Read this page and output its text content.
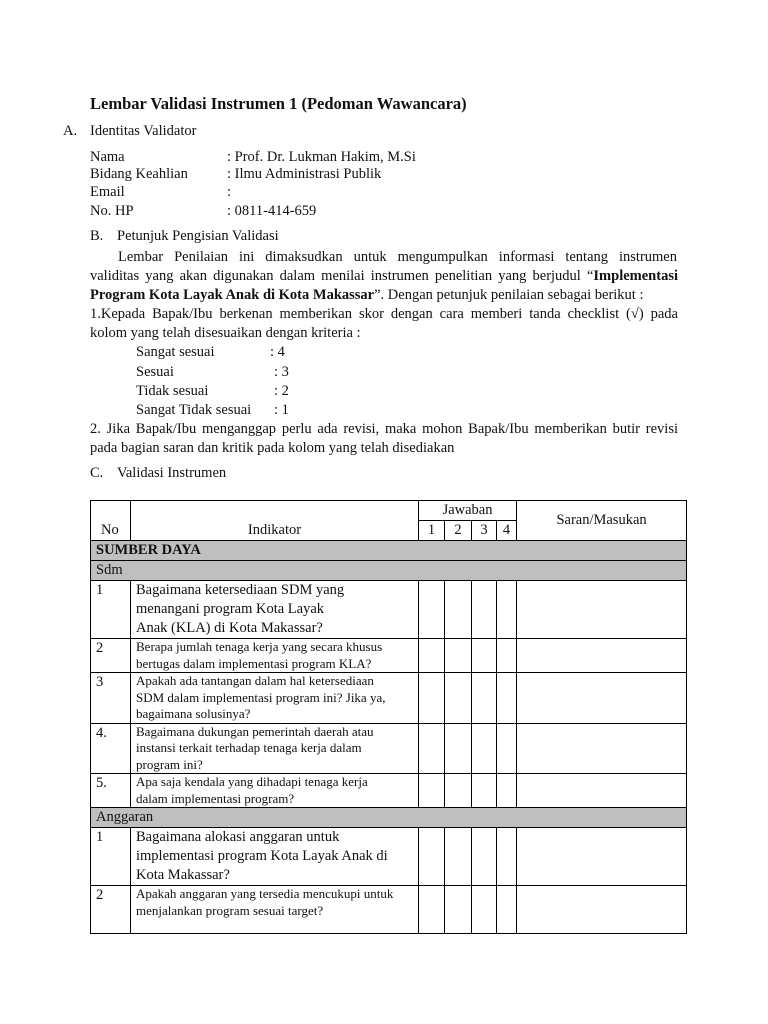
Lembar Validasi Instrumen 1 (Pedoman Wawancara)
A. Identitas Validator
Nama	: Prof. Dr. Lukman Hakim, M.Si
Bidang Keahlian	: Ilmu Administrasi Publik
Email	:
No. HP	: 0811-414-659
B. Petunjuk Pengisian Validasi
Lembar Penilaian ini dimaksudkan untuk mengumpulkan informasi tentang instrumen
validitas yang akan digunakan dalam menilai instrumen penelitian yang berjudul “Implementasi
Program Kota Layak Anak di Kota Makassar”. Dengan petunjuk penilaian sebagai berikut :
1.Kepada Bapak/Ibu berkenan memberikan skor dengan cara memberi tanda checklist (√) pada
kolom yang telah disesuaikan dengan kriteria :
Sangat sesuai	: 4
Sesuai	: 3
Tidak sesuai	: 2
Sangat Tidak sesuai : 1
2. Jika Bapak/Ibu menganggap perlu ada revisi, maka mohon Bapak/Ibu memberikan butir revisi
pada bagian saran dan kritik pada kolom yang telah disediakan
C. Validasi Instrumen
No	Indikator	Jawaban				Saran/Masukan
		1	2	3	4	
SUMBER DAYA						
Sdm						
1	Bagaimana ketersediaan SDM yang menangani program Kota Layak Anak (KLA) di Kota Makassar?					
2	Berapa jumlah tenaga kerja yang secara khusus bertugas dalam implementasi program KLA?					
3	Apakah ada tantangan dalam hal ketersediaan SDM dalam implementasi program ini? Jika ya, bagaimana solusinya?					
4.	Bagaimana dukungan pemerintah daerah atau instansi terkait terhadap tenaga kerja dalam program ini?					
5.	Apa saja kendala yang dihadapi tenaga kerja dalam implementasi program?					
Anggaran						
1	Bagaimana alokasi anggaran untuk implementasi program Kota Layak Anak di Kota Makassar?					
2	Apakah anggaran yang tersedia mencukupi untuk menjalankan program sesuai target?					
